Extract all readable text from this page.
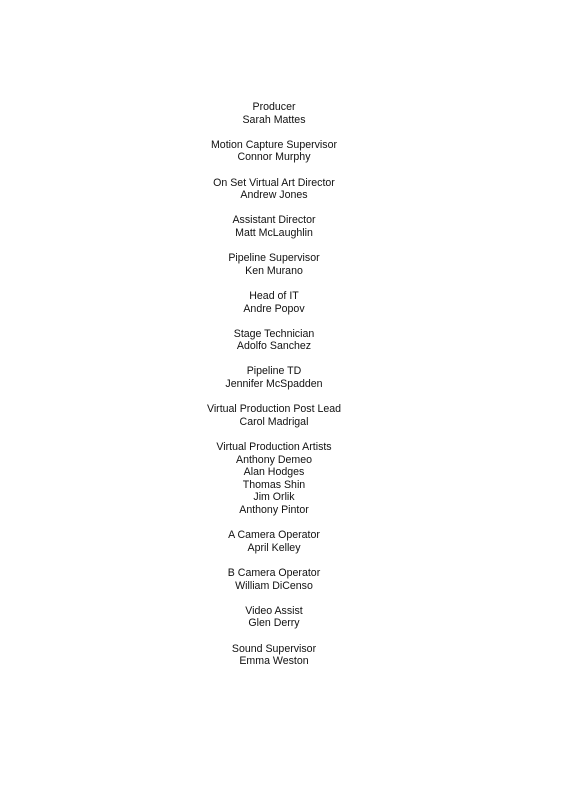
Producer
Sarah Mattes
Motion Capture Supervisor
Connor Murphy
On Set Virtual Art Director
Andrew Jones
Assistant Director
Matt McLaughlin
Pipeline Supervisor
Ken Murano
Head of IT
Andre Popov
Stage Technician
Adolfo Sanchez
Pipeline TD
Jennifer McSpadden
Virtual Production Post Lead
Carol Madrigal
Virtual Production Artists
Anthony Demeo
Alan Hodges
Thomas Shin
Jim Orlik
Anthony Pintor
A Camera Operator
April Kelley
B Camera Operator
William DiCenso
Video Assist
Glen Derry
Sound Supervisor
Emma Weston
